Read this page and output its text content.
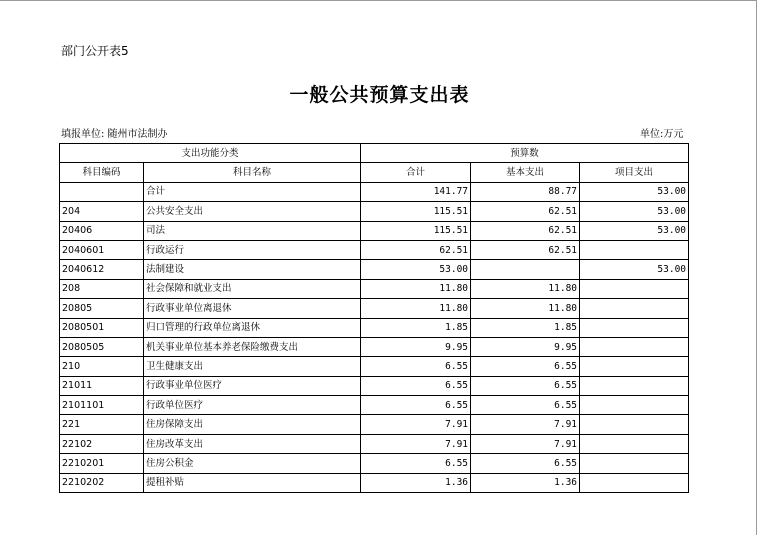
部门公开表5
一般公共预算支出表
填报单位: 随州市法制办	单位:万元
支出功能分类		预算数		
科目编码	科目名称	合计	基本支出	项目支出
	合计	141.77	88.77	53.00
204	公共安全支出	115.51	62.51	53.00
20406	司法	115.51	62.51	53.00
2040601	行政运行	62.51	62.51	
2040612	法制建设	53.00		53.00
208	社会保障和就业支出	11.80	11.80	
20805	行政事业单位离退休	11.80	11.80	
2080501	归口管理的行政单位离退休	1.85	1.85	
2080505	机关事业单位基本养老保险缴费支出	9.95	9.95	
210	卫生健康支出	6.55	6.55	
21011	行政事业单位医疗	6.55	6.55	
2101101	行政单位医疗	6.55	6.55	
221	住房保障支出	7.91	7.91	
22102	住房改革支出	7.91	7.91	
2210201	住房公积金	6.55	6.55	
2210202	提租补贴	1.36	1.36	
